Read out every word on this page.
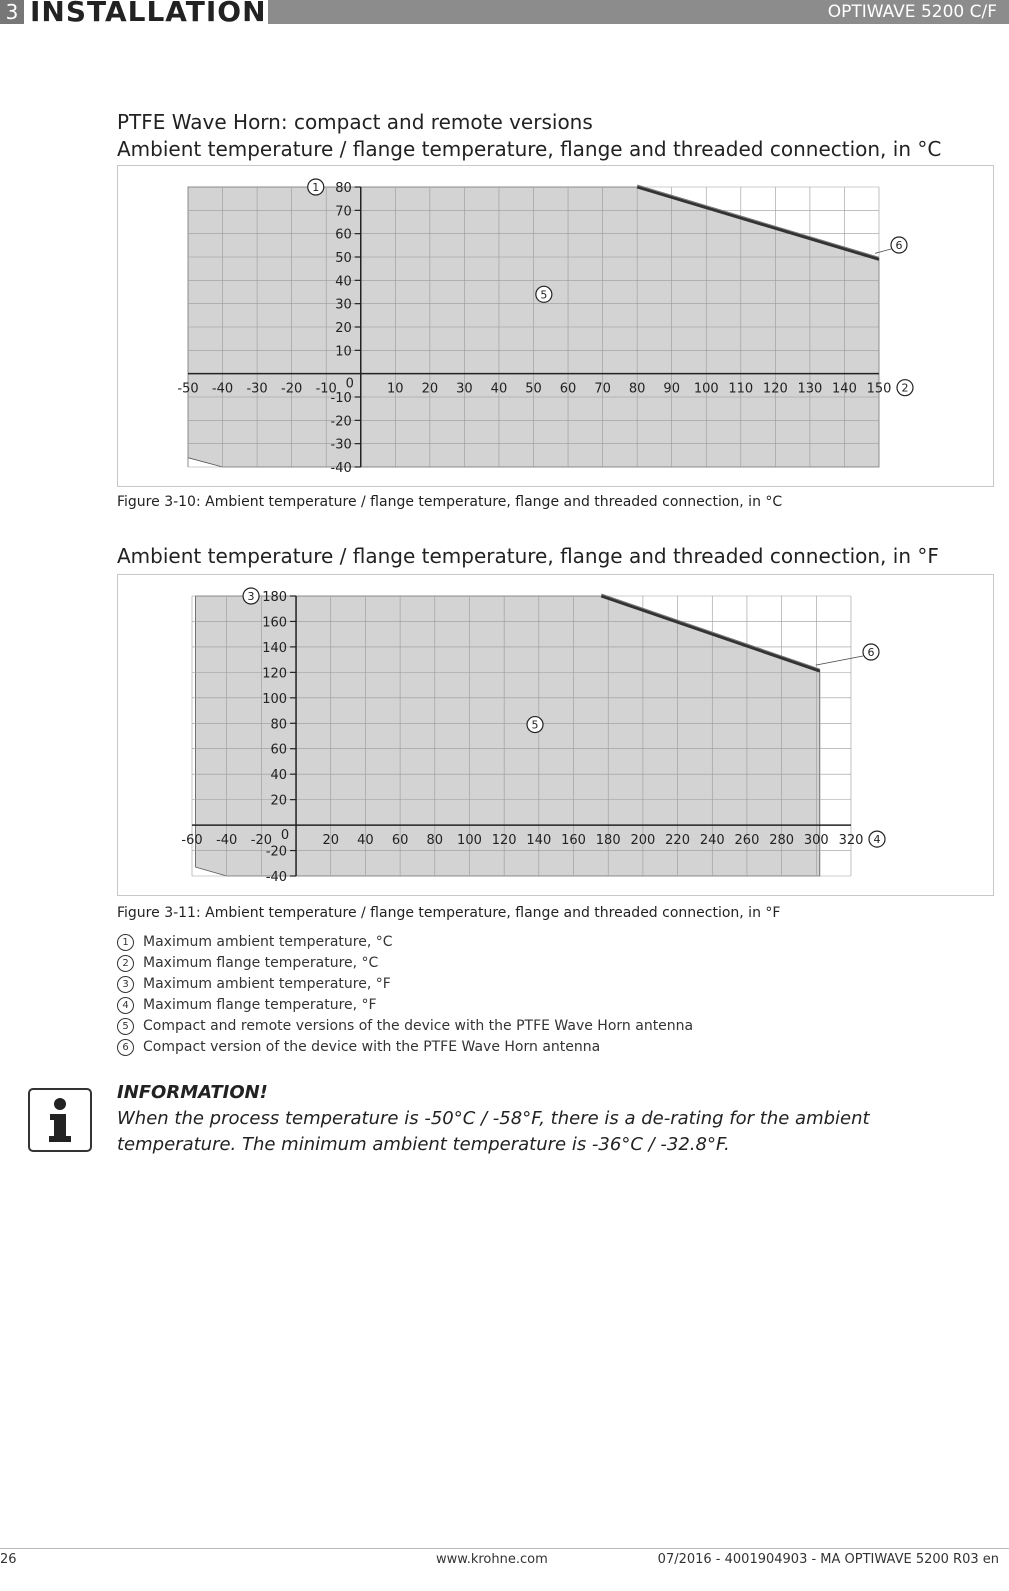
3 INSTALLATION	OPTIWAVE 5200 C/F
PTFE Wave Horn: compact and remote versions
Ambient temperature / flange temperature, flange and threaded connection, in °C
80
70
60
50
40
30
20
10
-10
-20
-30
-40
-50 -40 -30 -20 -10	10 20 30 40 50 60 70 80 90 100 110 120 130 140 150
0
1
2
5
6
Figure 3-10: Ambient temperature / flange temperature, flange and threaded connection, in °C
Ambient temperature / flange temperature, flange and threaded connection, in °F
180
160
140
120
100
80
60
40
20
-20
-40
-60 -40 -20	20 40 60 80 100 120 140 160 180 200 220 240 260 280 300 320
0
3
4
5
6
Figure 3-11: Ambient temperature / flange temperature, flange and threaded connection, in °F
1	Maximum ambient temperature, °C
2	Maximum flange temperature, °C
3	Maximum ambient temperature, °F
4	Maximum flange temperature, °F
5	Compact and remote versions of the device with the PTFE Wave Horn antenna
6	Compact version of the device with the PTFE Wave Horn antenna
INFORMATION!
When the process temperature is -50°C / -58°F, there is a de-rating for the ambient
temperature. The minimum ambient temperature is -36°C / -32.8°F.
26	www.krohne.com	07/2016 - 4001904903 - MA OPTIWAVE 5200 R03 en
